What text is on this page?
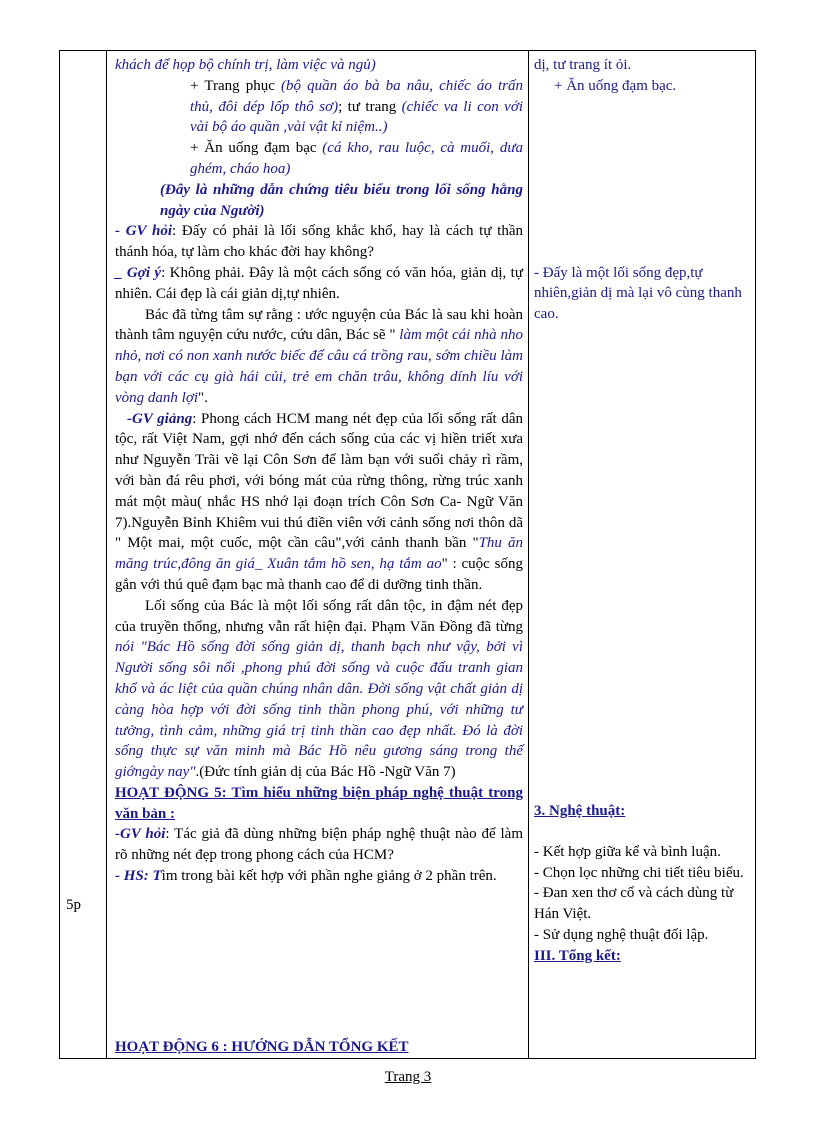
5p

khách để họp bộ chính trị, làm việc và ngủ)

+ Trang phục (bộ quần áo bà ba nâu, chiếc áo trấn thủ, đôi dép lốp thô sơ); tư trang (chiếc va li con với vài bộ áo quần ,vài vật kỉ niệm..)

+ Ăn uống đạm bạc (cá kho, rau luộc, cà muối, dưa ghém, cháo hoa)

(Đây là những dẫn chứng tiêu biểu trong lối sống hằng ngày của Người)

- GV hỏi: Đấy có phải là lối sống khắc khổ, hay là cách tự thần thánh hóa, tự làm cho khác đời hay không?

_ Gợi ý: Không phải. Đây là một cách sống có văn hóa, giản dị, tự nhiên. Cái đẹp là cái giản dị,tự nhiên.

Bác đã từng tâm sự rằng : ước nguyện của Bác là sau khi hoàn thành tâm nguyện cứu nước, cứu dân, Bác sẽ " làm một cái nhà nho nhỏ, nơi có non xanh nước biếc để câu cá trồng rau, sớm chiều làm bạn với các cụ già hái củi, trẻ em chăn trâu, không dính líu với vòng danh lợi".

-GV giảng: Phong cách HCM mang nét đẹp của lối sống rất dân tộc, rất Việt Nam, gợi nhớ đến cách sống của các vị hiền triết xưa như Nguyễn Trãi về lại Côn Sơn để làm bạn với suối chảy rì rầm, với bàn đá rêu phơi, với bóng mát của rừng thông, rừng trúc xanh mát một màu( nhắc HS nhớ lại đoạn trích Côn Sơn Ca- Ngữ Văn 7).Nguyễn Bỉnh Khiêm vui thú điền viên với cảnh sống nơi thôn dã " Một mai, một cuốc, một cần câu",với cảnh thanh bần "Thu ăn măng trúc,đông ăn giá_ Xuân tắm hồ sen, hạ tắm ao" : cuộc sống gắn với thú quê đạm bạc mà thanh cao để di dưỡng tinh thần.

Lối sống của Bác là một lối sống rất dân tộc, in đậm nét đẹp của truyền thống, nhưng vẫn rất hiện đại. Phạm Văn Đồng đã từng nói "Bác Hồ sống đời sống giản dị, thanh bạch như vậy, bởi vì Người sống sôi nổi ,phong phú đời sống và cuộc đấu tranh gian khổ và ác liệt của quần chúng nhân dân. Đời sống vật chất giản dị càng hòa hợp với đời sống tinh thần phong phú, với những tư tưởng, tình cảm, những giá trị tinh thần cao đẹp nhất. Đó là đời sống thực sự văn minh mà Bác Hồ nêu gương sáng trong thế giớngày nay".(Đức tính giản dị của Bác Hồ -Ngữ Văn 7)

HOẠT ĐỘNG 5: Tìm hiểu những biện pháp nghệ thuật trong văn bản :

-GV hỏi: Tác giả đã dùng những biện pháp nghệ thuật nào để làm rõ những nét đẹp trong phong cách của HCM?

- HS: Tìm trong bài kết hợp với phần nghe giảng ở 2 phần trên.

HOẠT ĐỘNG 6 : HƯỚNG DẪN TỔNG KẾT

dị, tư trang ít ỏi.

+ Ăn uống đạm bạc.

- Đấy là một lối sống đẹp,tự nhiên,giản dị mà lại vô cùng thanh cao.

3. Nghệ thuật:

- Kết hợp giữa kể và bình luận.

- Chọn lọc những chi tiết tiêu biểu.

- Đan xen thơ cổ và cách dùng từ Hán Việt.

- Sử dụng nghệ thuật đối lập.

III. Tổng kết:

Trang 3
